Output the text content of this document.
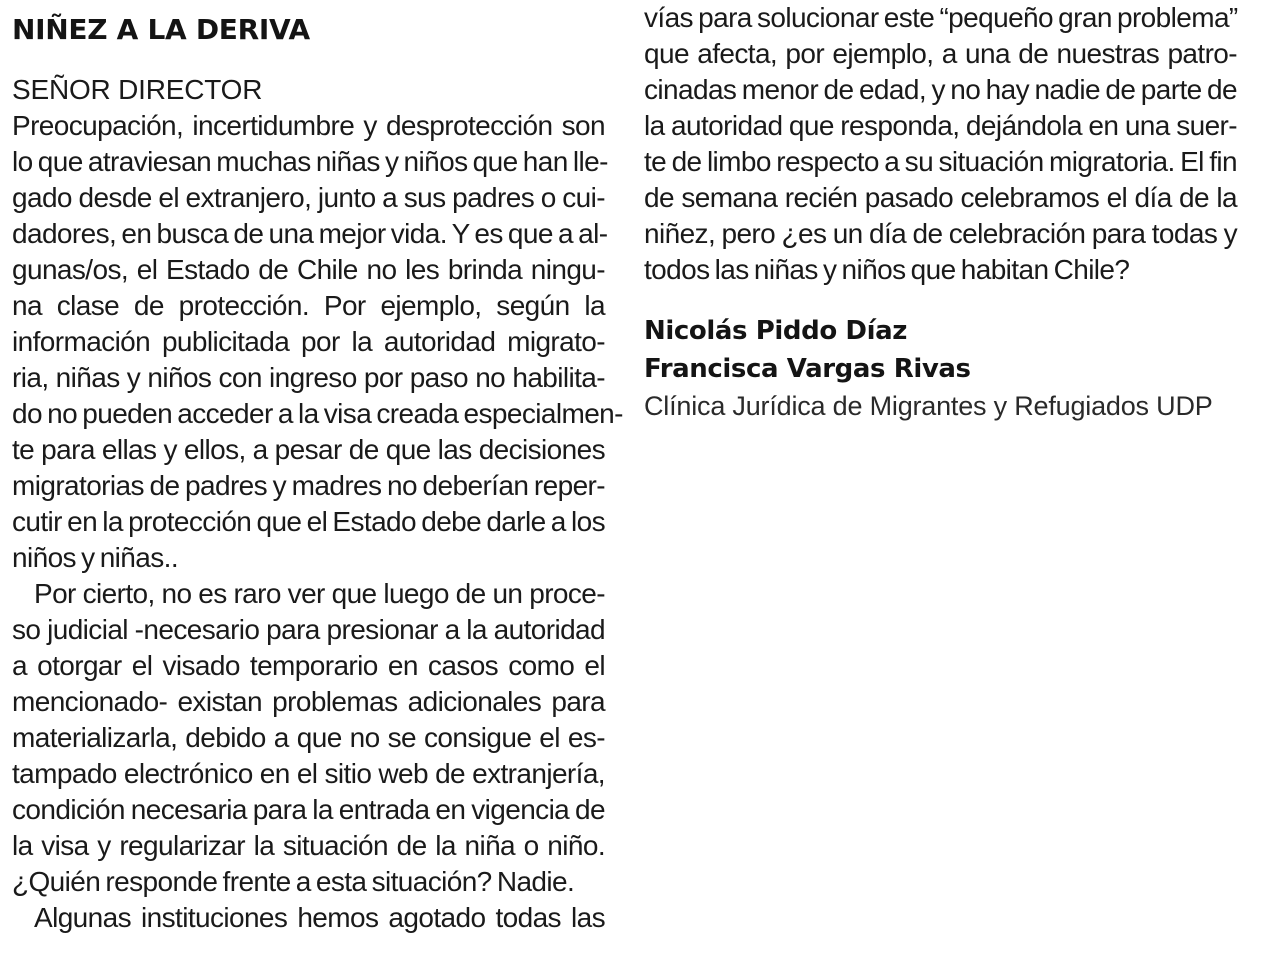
NIÑEZ A LA DERIVA
SEÑOR DIRECTOR
Preocupación, incertidumbre y desprotección son
lo que atraviesan muchas niñas y niños que han lle-
gado desde el extranjero, junto a sus padres o cui-
dadores, en busca de una mejor vida. Y es que a al-
gunas/os, el Estado de Chile no les brinda ningu-
na clase de protección. Por ejemplo, según la
información publicitada por la autoridad migrato-
ria, niñas y niños con ingreso por paso no habilita-
do no pueden acceder a la visa creada especialmen-
te para ellas y ellos, a pesar de que las decisiones
migratorias de padres y madres no deberían reper-
cutir en la protección que el Estado debe darle a los
niños y niñas..
Por cierto, no es raro ver que luego de un proce-
so judicial -necesario para presionar a la autoridad
a otorgar el visado temporario en casos como el
mencionado- existan problemas adicionales para
materializarla, debido a que no se consigue el es-
tampado electrónico en el sitio web de extranjería,
condición necesaria para la entrada en vigencia de
la visa y regularizar la situación de la niña o niño.
¿Quién responde frente a esta situación? Nadie.
Algunas instituciones hemos agotado todas las
vías para solucionar este “pequeño gran problema”
que afecta, por ejemplo, a una de nuestras patro-
cinadas menor de edad, y no hay nadie de parte de
la autoridad que responda, dejándola en una suer-
te de limbo respecto a su situación migratoria. El fin
de semana recién pasado celebramos el día de la
niñez, pero ¿es un día de celebración para todas y
todos las niñas y niños que habitan Chile?
Nicolás Piddo Díaz
Francisca Vargas Rivas
Clínica Jurídica de Migrantes y Refugiados UDP
